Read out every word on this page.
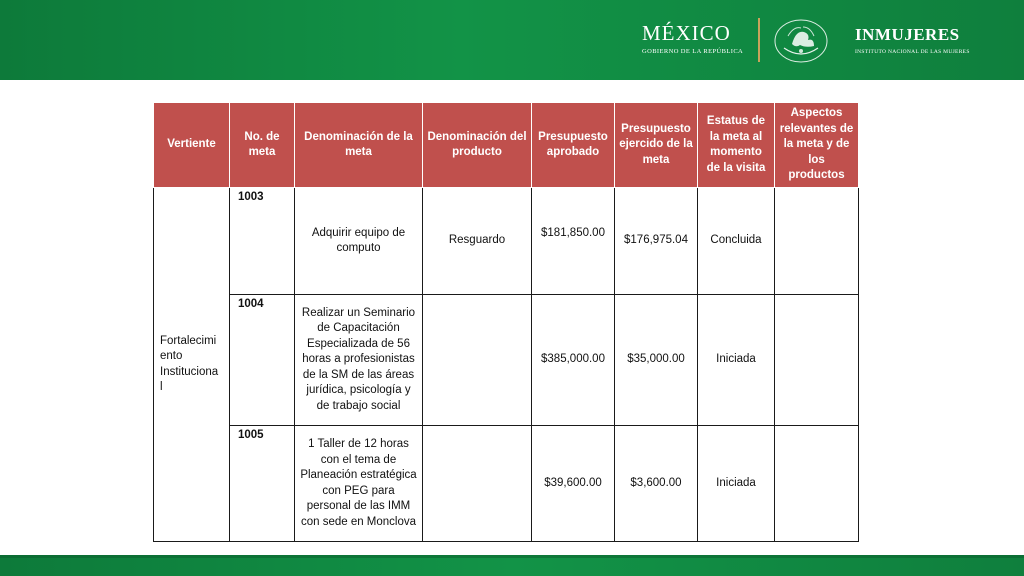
MÉXICO
GOBIERNO DE LA REPÚBLICA
INMUJERES
INSTITUTO NACIONAL DE LAS MUJERES
Vertiente	No. de meta	Denominación de la meta	Denominación del producto	Presupuesto aprobado	Presupuesto ejercido de la meta	Estatus de la meta al momento de la visita	Aspectos relevantes de la meta y de los productos
Fortalecimi ento Instituciona l	1003	Adquirir equipo de computo	Resguardo	$181,850.00	$176,975.04	Concluida	
	1004	Realizar un Seminario de Capacitación Especializada de 56 horas a profesionistas de la SM de las áreas jurídica, psicología y de trabajo social		$385,000.00	$35,000.00	Iniciada	
	1005	1 Taller de 12 horas con el tema de Planeación estratégica con PEG para personal de las IMM con sede en Monclova		$39,600.00	$3,600.00	Iniciada	
